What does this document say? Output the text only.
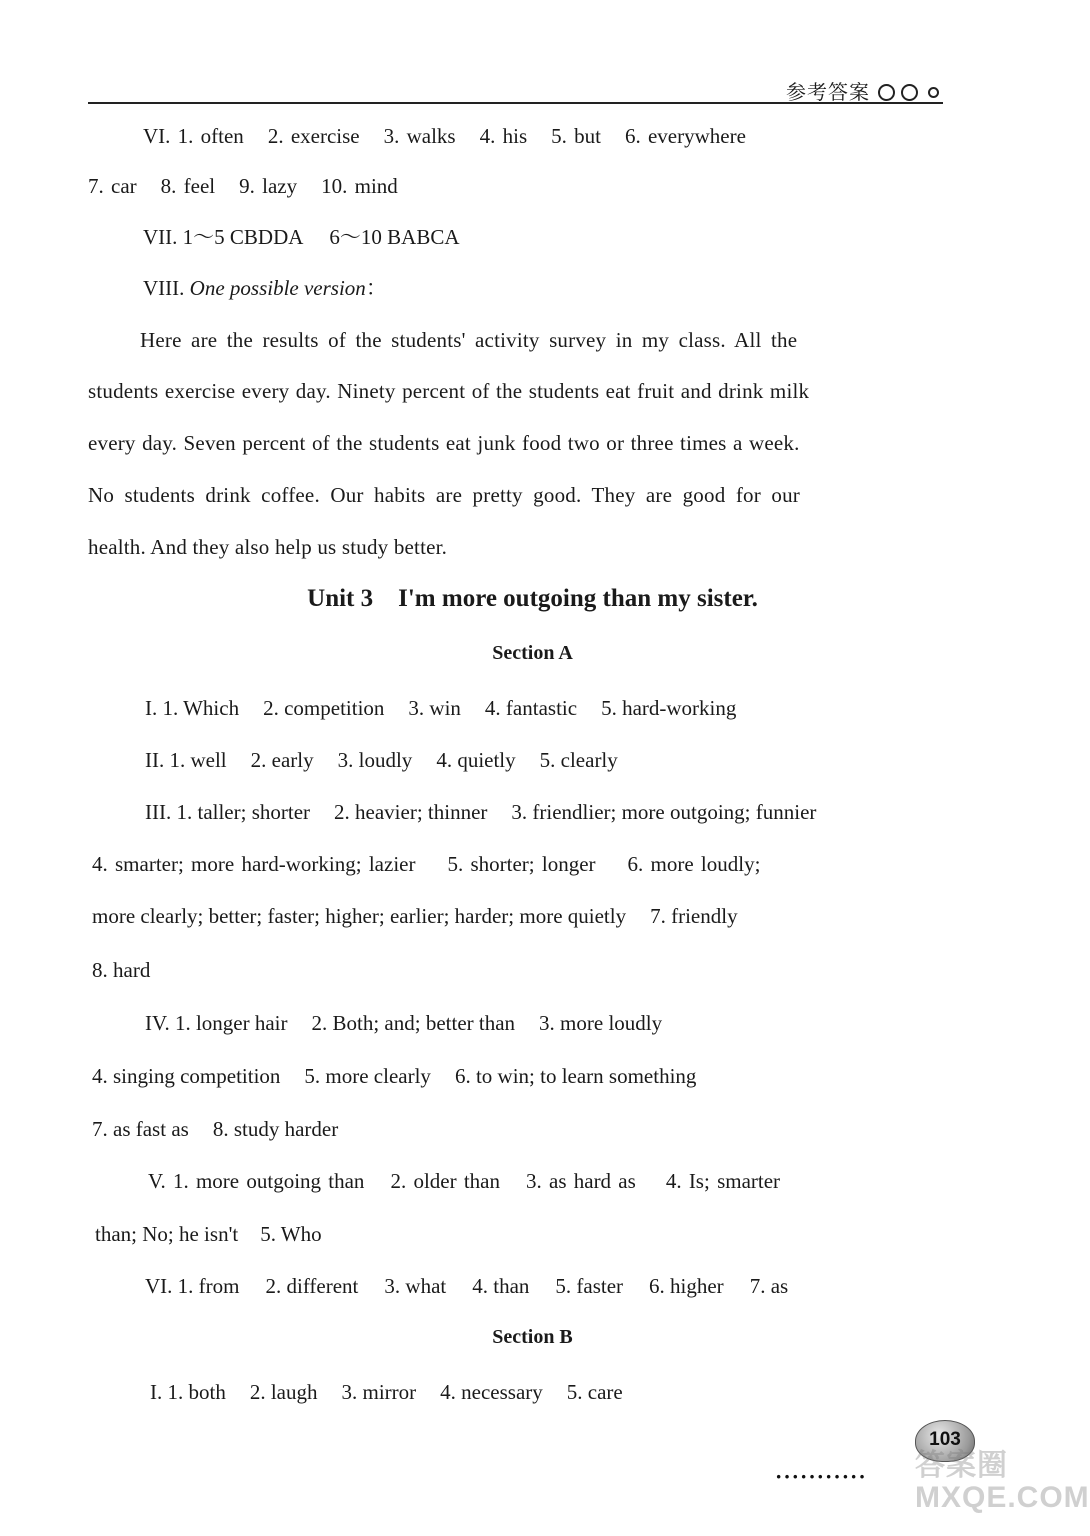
参考答案
VI. 1. often 2. exercise 3. walks 4. his 5. but 6. everywhere
7. car 8. feel 9. lazy 10. mind
VII. 1～5 CBDDA 6～10 BABCA
VIII. One possible version：
Here are the results of the students' activity survey in my class. All the
students exercise every day. Ninety percent of the students eat fruit and drink milk
every day. Seven percent of the students eat junk food two or three times a week.
No students drink coffee. Our habits are pretty good. They are good for our
health. And they also help us study better.
Unit 3    I'm more outgoing than my sister.
Section A
I. 1. Which 2. competition 3. win 4. fantastic 5. hard-working
II. 1. well 2. early 3. loudly 4. quietly 5. clearly
III. 1. taller; shorter 2. heavier; thinner 3. friendlier; more outgoing; funnier
4. smarter; more hard-working; lazier 5. shorter; longer 6. more loudly;
more clearly; better; faster; higher; earlier; harder; more quietly 7. friendly
8. hard
IV. 1. longer hair 2. Both; and; better than 3. more loudly
4. singing competition 5. more clearly 6. to win; to learn something
7. as fast as 8. study harder
V. 1. more outgoing than 2. older than 3. as hard as 4. Is; smarter
than; No; he isn't 5. Who
VI. 1. from 2. different 3. what 4. than 5. faster 6. higher 7. as
Section B
I. 1. both 2. laugh 3. mirror 4. necessary 5. care
···········
103
答案圈
MXQE.COM
